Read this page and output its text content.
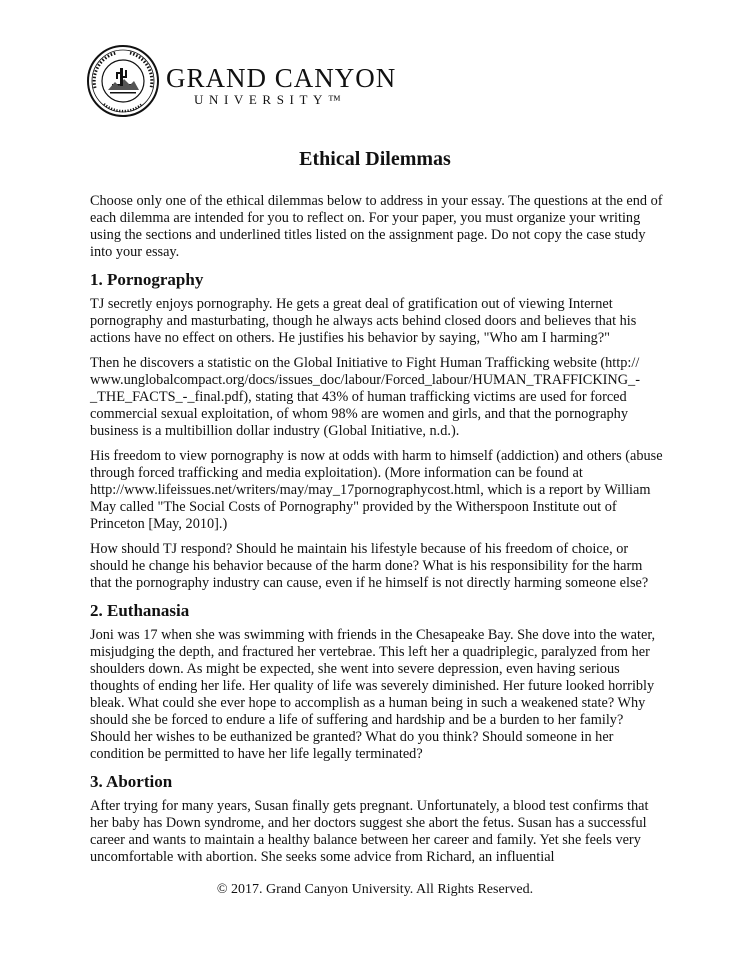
GRAND CANYON
UNIVERSITY™
Ethical Dilemmas

Choose only one of the ethical dilemmas below to address in your essay. The questions at the end of each dilemma are intended for you to reflect on. For your paper, you must organize your writing using the sections and underlined titles listed on the assignment page. Do not copy the case study into your essay.

1. Pornography

TJ secretly enjoys pornography. He gets a great deal of gratification out of viewing Internet pornography and masturbating, though he always acts behind closed doors and believes that his actions have no effect on others. He justifies his behavior by saying, "Who am I harming?"

Then he discovers a statistic on the Global Initiative to Fight Human Trafficking website (http:// www.unglobalcompact.org/docs/issues_doc/labour/Forced_labour/HUMAN_TRAFFICKING_-_THE_FACTS_-_final.pdf), stating that 43% of human trafficking victims are used for forced commercial sexual exploitation, of whom 98% are women and girls, and that the pornography business is a multibillion dollar industry (Global Initiative, n.d.).

His freedom to view pornography is now at odds with harm to himself (addiction) and others (abuse through forced trafficking and media exploitation). (More information can be found at http://www.lifeissues.net/writers/may/may_17pornographycost.html, which is a report by William May called "The Social Costs of Pornography" provided by the Witherspoon Institute out of Princeton [May, 2010].)

How should TJ respond? Should he maintain his lifestyle because of his freedom of choice, or should he change his behavior because of the harm done? What is his responsibility for the harm that the pornography industry can cause, even if he himself is not directly harming someone else?

2. Euthanasia

Joni was 17 when she was swimming with friends in the Chesapeake Bay. She dove into the water, misjudging the depth, and fractured her vertebrae. This left her a quadriplegic, paralyzed from her shoulders down. As might be expected, she went into severe depression, even having serious thoughts of ending her life. Her quality of life was severely diminished. Her future looked horribly bleak. What could she ever hope to accomplish as a human being in such a weakened state? Why should she be forced to endure a life of suffering and hardship and be a burden to her family? Should her wishes to be euthanized be granted? What do you think? Should someone in her condition be permitted to have her life legally terminated?

3. Abortion

After trying for many years, Susan finally gets pregnant. Unfortunately, a blood test confirms that her baby has Down syndrome, and her doctors suggest she abort the fetus. Susan has a successful career and wants to maintain a healthy balance between her career and family. Yet she feels very uncomfortable with abortion. She seeks some advice from Richard, an influential

© 2017. Grand Canyon University. All Rights Reserved.
